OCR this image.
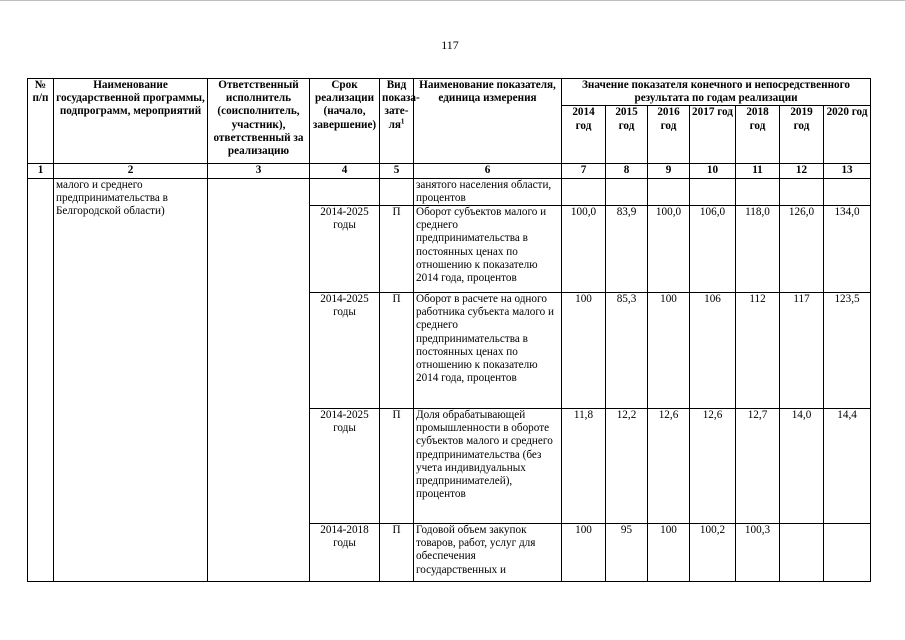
117
№ п/п	Наименование государственной программы, подпрограмм, мероприятий	Ответственный исполнитель (соисполнитель, участник), ответственный за реализацию	Срок реализации (начало, завершение)	Вид показа-$зате-ля^1$	Наименование показателя, единица измерения	Значение показателя конечного и непосредственного результата по годам реализации						
						2014 год	2015 год	2016 год	2017 год	2018 год	2019 год	2020 год
1	2	3	4	5	6	7	8	9	10	11	12	13
	малого и среднего предпринимательства в Белгородской области)				занятого населения области, процентов							
			2014-2025 годы	П	Оборот субъектов малого и среднего предпринимательства в постоянных ценах по отношению к показателю 2014 года, процентов	100,0	83,9	100,0	106,0	118,0	126,0	134,0
			2014-2025 годы	П	Оборот в расчете на одного работника субъекта малого и среднего предпринимательства в постоянных ценах по отношению к показателю 2014 года, процентов	100	85,3	100	106	112	117	123,5
			2014-2025 годы	П	Доля обрабатывающей промышленности в обороте субъектов малого и среднего предпринимательства (без учета индивидуальных предпринимателей), процентов	11,8	12,2	12,6	12,6	12,7	14,0	14,4
			2014-2018 годы	П	Годовой объем закупок товаров, работ, услуг для обеспечения государственных и	100	95	100	100,2	100,3		
